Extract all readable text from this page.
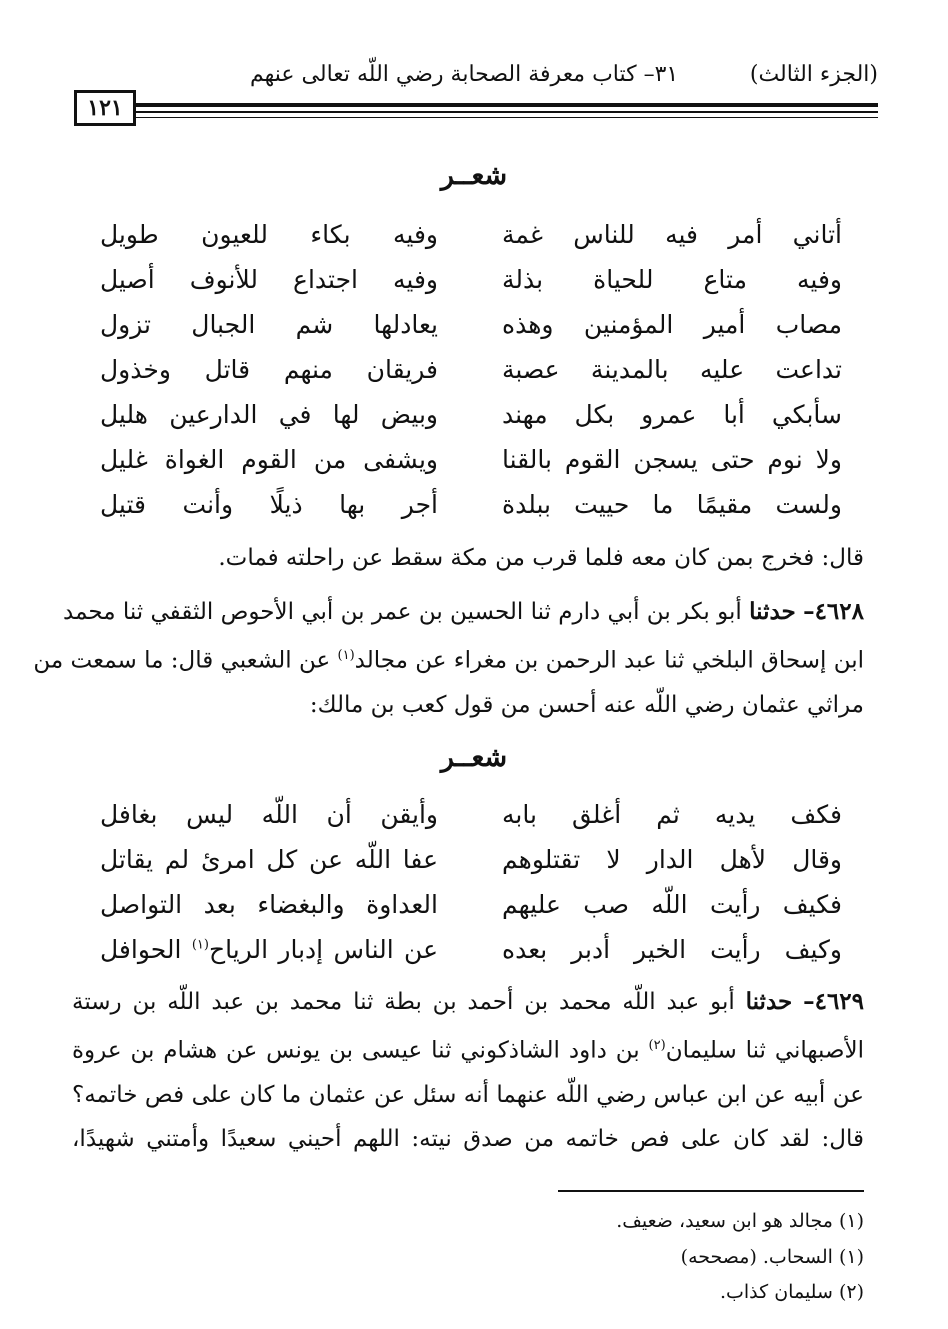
(الجزء الثالث)
٣١– كتاب معرفة الصحابة رضي اللّه تعالى عنهم
١٢١
شعــر
أتاني أمر فيه للناس غمة
وفيه بكاء للعيون طويل
وفيه متاع للحياة بذلة
وفيه اجتداع للأنوف أصيل
مصاب أمير المؤمنين وهذه
يعادلها شم الجبال تزول
تداعت عليه بالمدينة عصبة
فريقان منهم قاتل وخذول
سأبكي أبا عمرو بكل مهند
وبيض لها في الدارعين هليل
ولا نوم حتى يسجن القوم بالقنا
ويشفى من القوم الغواة غليل
ولست مقيمًا ما حييت ببلدة
أجر بها ذيلًا وأنت قتيل
قال: فخرج بمن كان معه فلما قرب من مكة سقط عن راحلته فمات.
٤٦٢٨– حدثنا أبو بكر بن أبي دارم ثنا الحسين بن عمر بن أبي الأحوص الثقفي ثنا محمد
ابن إسحاق البلخي ثنا عبد الرحمن بن مغراء عن مجالد$^{(١)}$ عن الشعبي قال: ما سمعت من
مراثي عثمان رضي اللّه عنه أحسن من قول كعب بن مالك:
شعــر
فكف يديه ثم أغلق بابه
وأيقن أن اللّه ليس بغافل
وقال لأهل الدار لا تقتلوهم
عفا اللّه عن كل امرئ لم يقاتل
فكيف رأيت اللّه صب عليهم
العداوة والبغضاء بعد التواصل
وكيف رأيت الخير أدبر بعده
عن الناس إدبار الرياح$^{(١)}$ الحوافل
٤٦٢٩– حدثنا أبو عبد اللّه محمد بن أحمد بن بطة ثنا محمد بن عبد اللّه بن رستة
الأصبهاني ثنا سليمان$^{(٢)}$ بن داود الشاذكوني ثنا عيسى بن يونس عن هشام بن عروة
عن أبيه عن ابن عباس رضي اللّه عنهما أنه سئل عن عثمان ما كان على فص خاتمه؟
قال: لقد كان على فص خاتمه من صدق نيته: اللهم أحيني سعيدًا وأمتني شهيدًا،
(١) مجالد هو ابن سعيد، ضعيف.
(١) السحاب. (مصححه)
(٢) سليمان كذاب.
